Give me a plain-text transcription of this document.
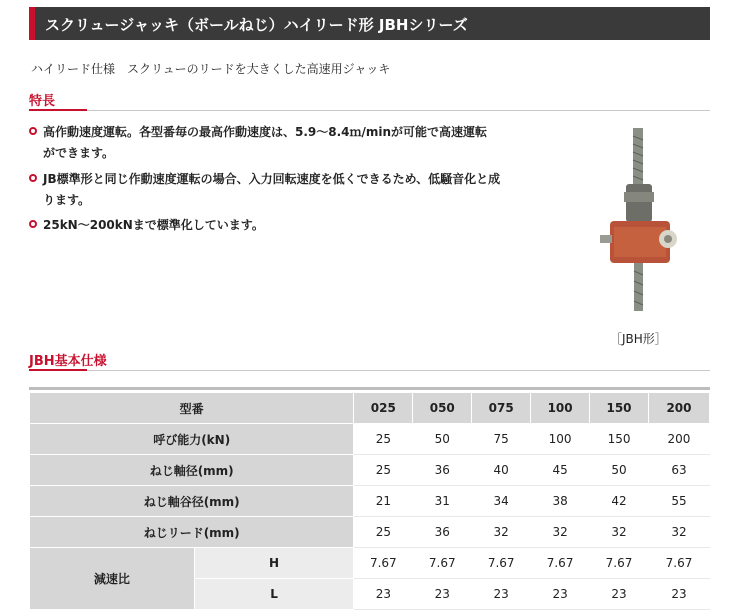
スクリュージャッキ（ボールねじ）ハイリード形 JBHシリーズ
ハイリード仕様　スクリューのリードを大きくした高速用ジャッキ
特長
高作動速度運転。各型番毎の最高作動速度は、5.9～8.4ｍ/minが可能で高速運転
ができます。
JB標準形と同じ作動速度運転の場合、入力回転速度を低くできるため、低騒音化と成
ります。
25kN～200kNまで標準化しています。
［JBH形］
JBH基本仕様
型番		025	050	075	100	150	200
呼び能力(kN)		25	50	75	100	150	200
ねじ軸径(mm)		25	36	40	45	50	63
ねじ軸谷径(mm)		21	31	34	38	42	55
ねじリード(mm)		25	36	32	32	32	32
減速比	H	7.67	7.67	7.67	7.67	7.67	7.67
	L	23	23	23	23	23	23
